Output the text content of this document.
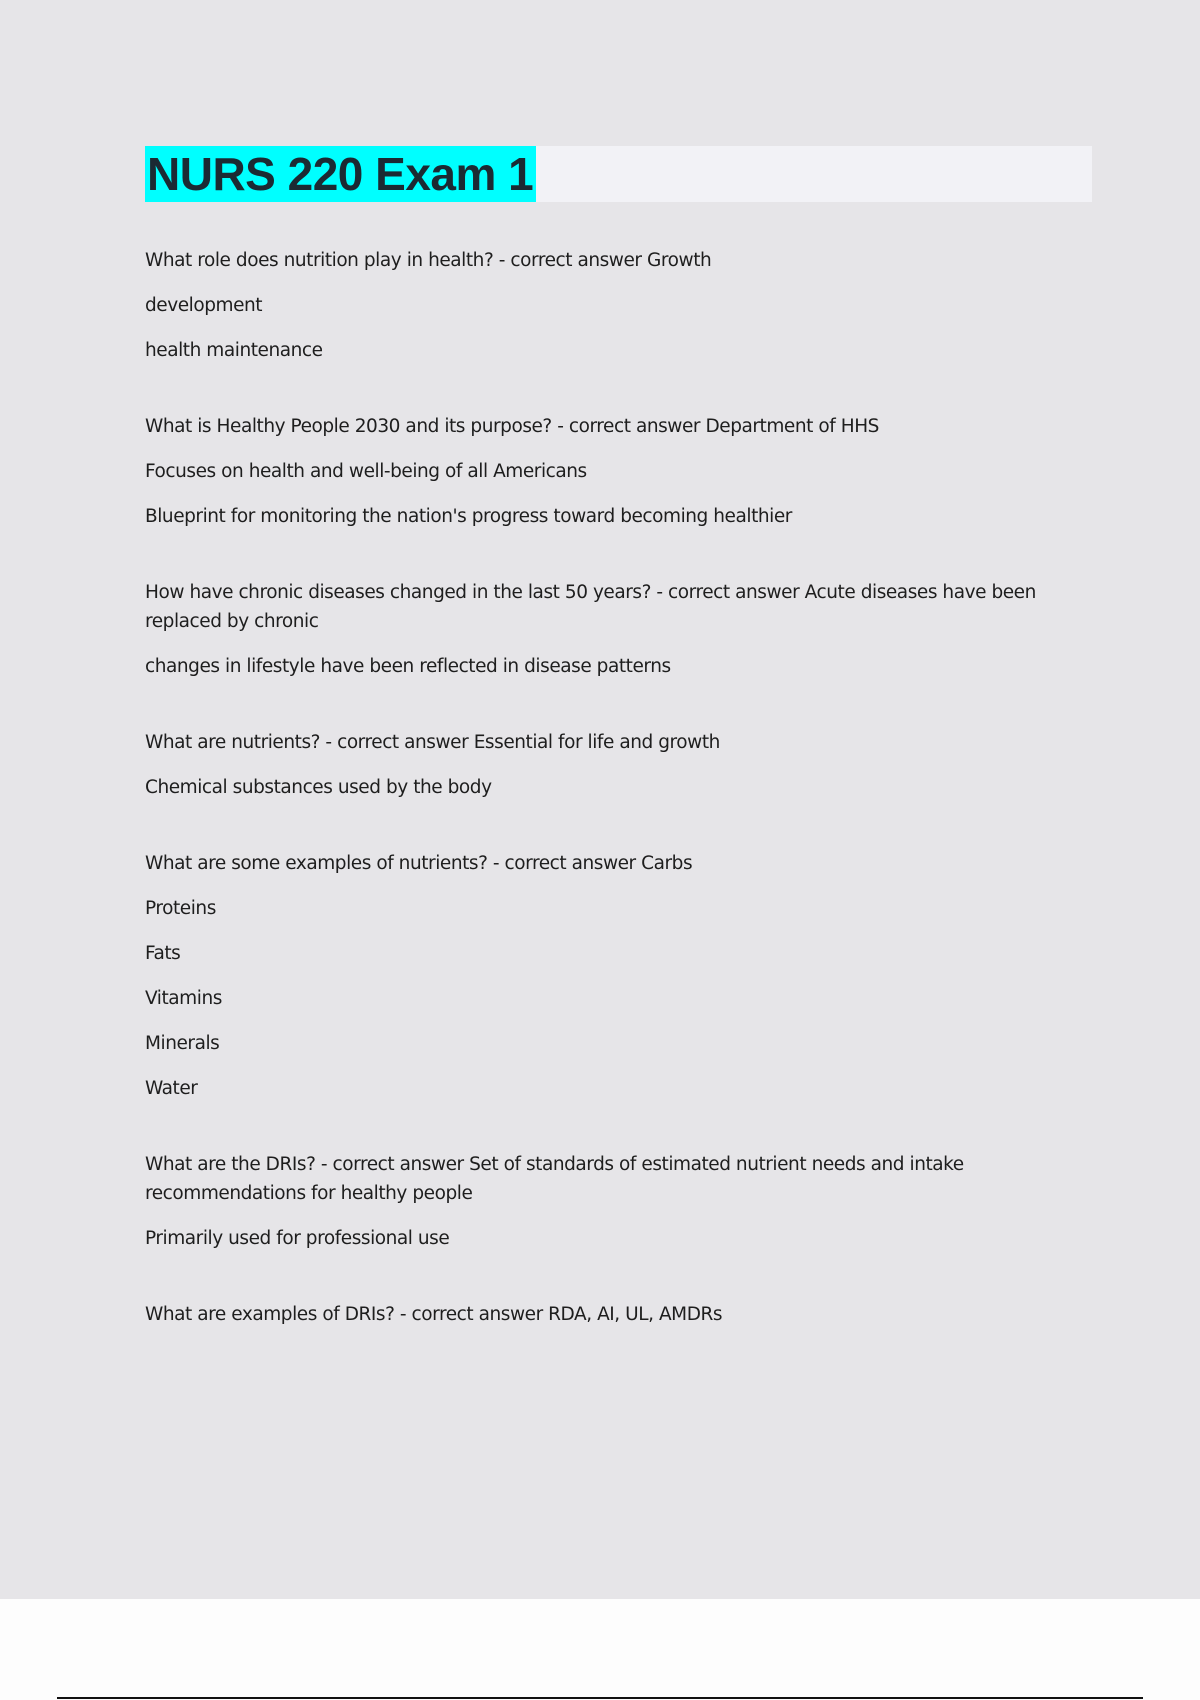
NURS 220 Exam 1

What role does nutrition play in health? - correct answer Growth

development

health maintenance

What is Healthy People 2030 and its purpose? - correct answer Department of HHS

Focuses on health and well-being of all Americans

Blueprint for monitoring the nation's progress toward becoming healthier

How have chronic diseases changed in the last 50 years? - correct answer Acute diseases have been replaced by chronic

changes in lifestyle have been reflected in disease patterns

What are nutrients? - correct answer Essential for life and growth

Chemical substances used by the body

What are some examples of nutrients? - correct answer Carbs

Proteins

Fats

Vitamins

Minerals

Water

What are the DRIs? - correct answer Set of standards of estimated nutrient needs and intake recommendations for healthy people

Primarily used for professional use

What are examples of DRIs? - correct answer RDA, AI, UL, AMDRs
